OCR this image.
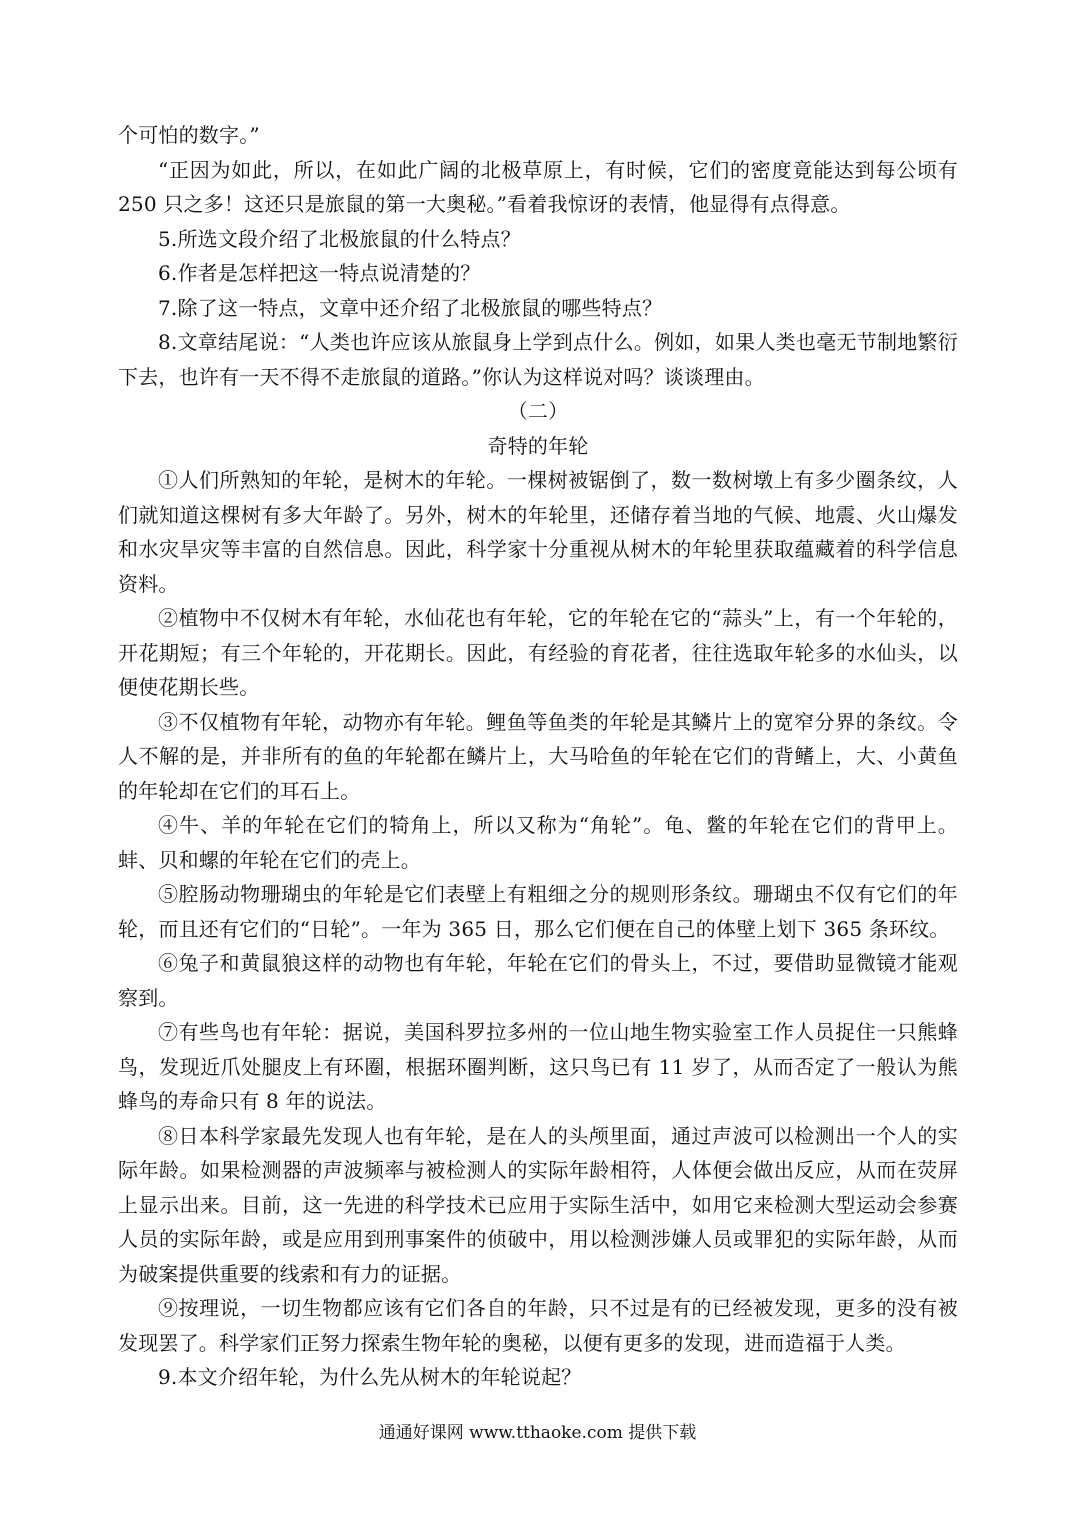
个可怕的数字。”

“正因为如此，所以，在如此广阔的北极草原上，有时候，它们的密度竟能达到每公顷有 250 只之多！这还只是旅鼠的第一大奥秘。”看着我惊讶的表情，他显得有点得意。

5.所选文段介绍了北极旅鼠的什么特点？

6.作者是怎样把这一特点说清楚的？

7.除了这一特点，文章中还介绍了北极旅鼠的哪些特点？

8.文章结尾说：“人类也许应该从旅鼠身上学到点什么。例如，如果人类也毫无节制地繁衍下去，也许有一天不得不走旅鼠的道路。”你认为这样说对吗？谈谈理由。

（二）

奇特的年轮

①人们所熟知的年轮，是树木的年轮。一棵树被锯倒了，数一数树墩上有多少圈条纹，人们就知道这棵树有多大年龄了。另外，树木的年轮里，还储存着当地的气候、地震、火山爆发和水灾旱灾等丰富的自然信息。因此，科学家十分重视从树木的年轮里获取蕴藏着的科学信息资料。

②植物中不仅树木有年轮，水仙花也有年轮，它的年轮在它的“蒜头”上，有一个年轮的，开花期短；有三个年轮的，开花期长。因此，有经验的育花者，往往选取年轮多的水仙头，以便使花期长些。

③不仅植物有年轮，动物亦有年轮。鲤鱼等鱼类的年轮是其鳞片上的宽窄分界的条纹。令人不解的是，并非所有的鱼的年轮都在鳞片上，大马哈鱼的年轮在它们的背鳍上，大、小黄鱼的年轮却在它们的耳石上。

④牛、羊的年轮在它们的犄角上，所以又称为“角轮”。龟、鳖的年轮在它们的背甲上。蚌、贝和螺的年轮在它们的壳上。

⑤腔肠动物珊瑚虫的年轮是它们表壁上有粗细之分的规则形条纹。珊瑚虫不仅有它们的年轮，而且还有它们的“日轮”。一年为 365 日，那么它们便在自己的体壁上划下 365 条环纹。

⑥兔子和黄鼠狼这样的动物也有年轮，年轮在它们的骨头上，不过，要借助显微镜才能观察到。

⑦有些鸟也有年轮：据说，美国科罗拉多州的一位山地生物实验室工作人员捉住一只熊蜂鸟，发现近爪处腿皮上有环圈，根据环圈判断，这只鸟已有 11 岁了，从而否定了一般认为熊蜂鸟的寿命只有 8 年的说法。

⑧日本科学家最先发现人也有年轮，是在人的头颅里面，通过声波可以检测出一个人的实际年龄。如果检测器的声波频率与被检测人的实际年龄相符，人体便会做出反应，从而在荧屏上显示出来。目前，这一先进的科学技术已应用于实际生活中，如用它来检测大型运动会参赛人员的实际年龄，或是应用到刑事案件的侦破中，用以检测涉嫌人员或罪犯的实际年龄，从而为破案提供重要的线索和有力的证据。

⑨按理说，一切生物都应该有它们各自的年龄，只不过是有的已经被发现，更多的没有被发现罢了。科学家们正努力探索生物年轮的奥秘，以便有更多的发现，进而造福于人类。

9.本文介绍年轮，为什么先从树木的年轮说起？

通通好课网 www.tthaoke.com 提供下载
